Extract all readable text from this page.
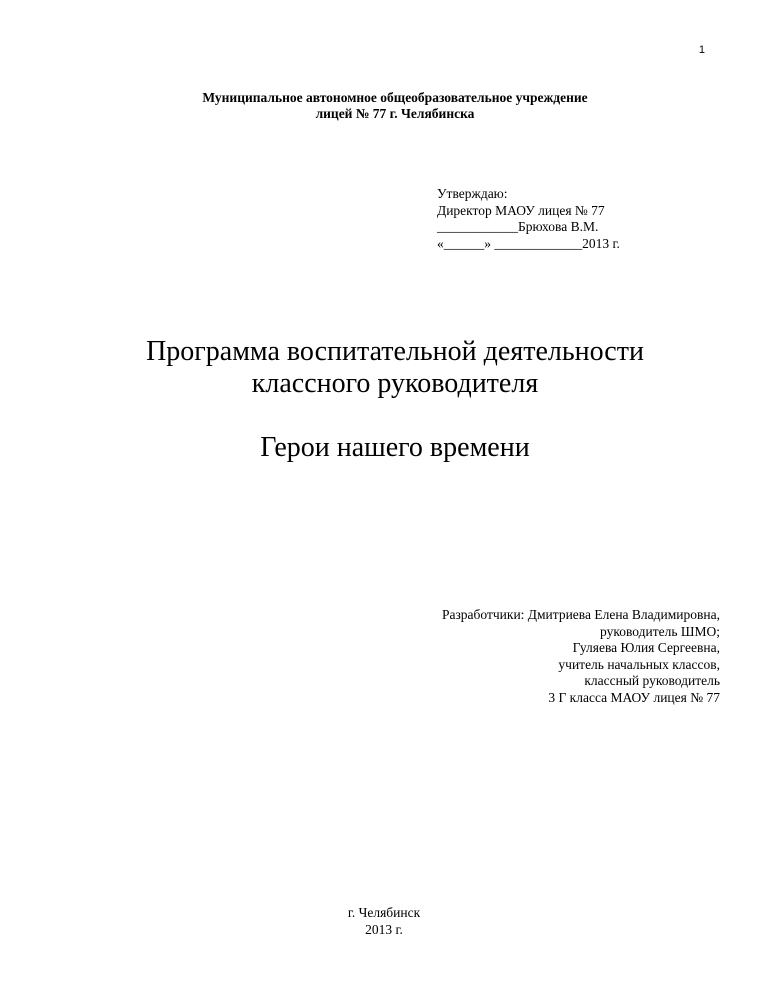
1
Муниципальное автономное общеобразовательное учреждение
лицей № 77 г. Челябинска
Утверждаю:
Директор МАОУ лицея № 77
____________Брюхова В.М.
«______» _____________2013 г.
Программа воспитательной деятельности
классного руководителя
Герои нашего времени
Разработчики: Дмитриева Елена Владимировна,
руководитель ШМО;
Гуляева Юлия Сергеевна,
учитель начальных классов,
классный руководитель
3 Г класса МАОУ лицея № 77
г. Челябинск
2013 г.
